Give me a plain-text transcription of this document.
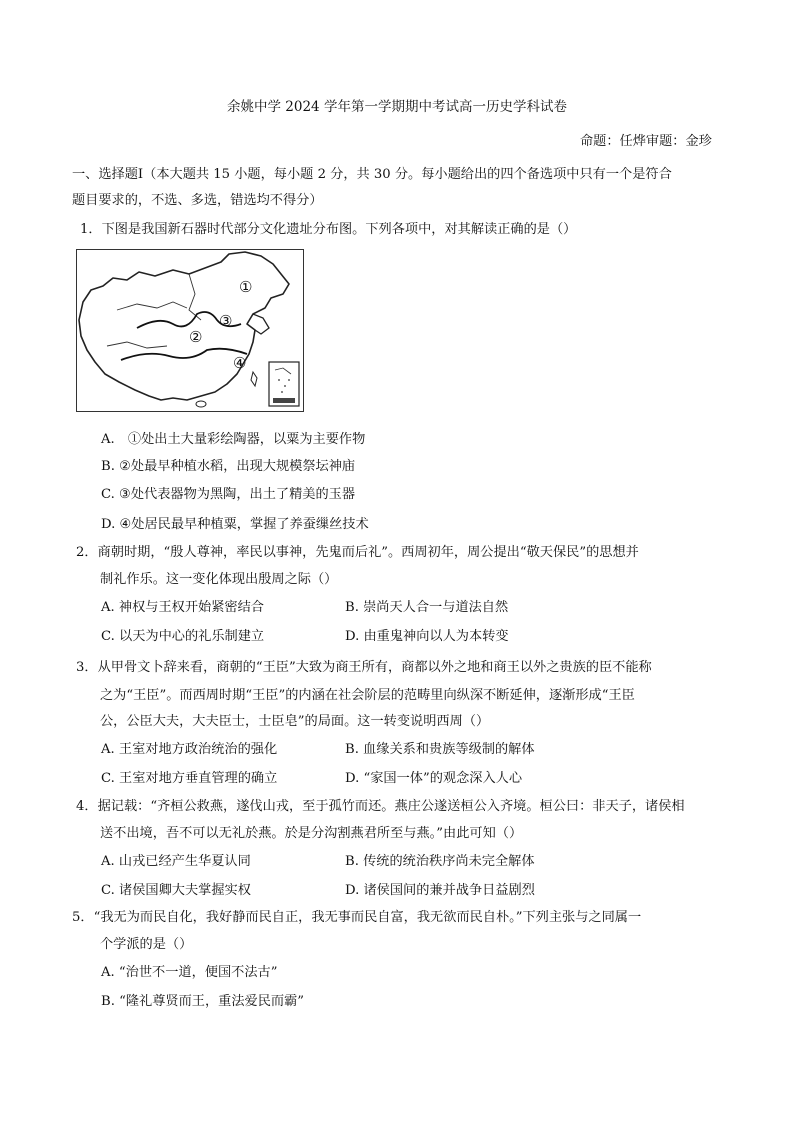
余姚中学 2024 学年第一学期期中考试高一历史学科试卷
命题：任烨审题：金珍
一、选择题Ⅰ（本大题共 15 小题，每小题 2 分，共 30 分。每小题给出的四个备选项中只有一个是符合
题目要求的，不选、多选，错选均不得分）
1．下图是我国新石器时代部分文化遗址分布图。下列各项中，对其解读正确的是（）
①
②
③
④
A.　①处出土大量彩绘陶器，以粟为主要作物
B. ②处最早种植水稻，出现大规模祭坛神庙
C. ③处代表器物为黑陶，出土了精美的玉器
D. ④处居民最早种植粟，掌握了养蚕缫丝技术
2．商朝时期，“殷人尊神，率民以事神，先鬼而后礼”。西周初年，周公提出“敬天保民”的思想并
制礼作乐。这一变化体现出殷周之际（）
A. 神权与王权开始紧密结合	B. 崇尚天人合一与道法自然
C. 以天为中心的礼乐制建立	D. 由重鬼神向以人为本转变
3．从甲骨文卜辞来看，商朝的“王臣”大致为商王所有，商都以外之地和商王以外之贵族的臣不能称
之为“王臣”。而西周时期“王臣”的内涵在社会阶层的范畴里向纵深不断延伸，逐渐形成“王臣
公，公臣大夫，大夫臣士，士臣皂”的局面。这一转变说明西周（）
A. 王室对地方政治统治的强化	B. 血缘关系和贵族等级制的解体
C. 王室对地方垂直管理的确立	D. “家国一体”的观念深入人心
4．据记载：“齐桓公救燕，遂伐山戎，至于孤竹而还。燕庄公遂送桓公入齐境。桓公曰：非天子，诸侯相
送不出境，吾不可以无礼於燕。於是分沟割燕君所至与燕。”由此可知（）
A. 山戎已经产生华夏认同	B. 传统的统治秩序尚未完全解体
C. 诸侯国卿大夫掌握实权	D. 诸侯国间的兼并战争日益剧烈
5．“我无为而民自化，我好静而民自正，我无事而民自富，我无欲而民自朴。”下列主张与之同属一
个学派的是（）
A. “治世不一道，便国不法古”
B. “隆礼尊贤而王，重法爱民而霸”
